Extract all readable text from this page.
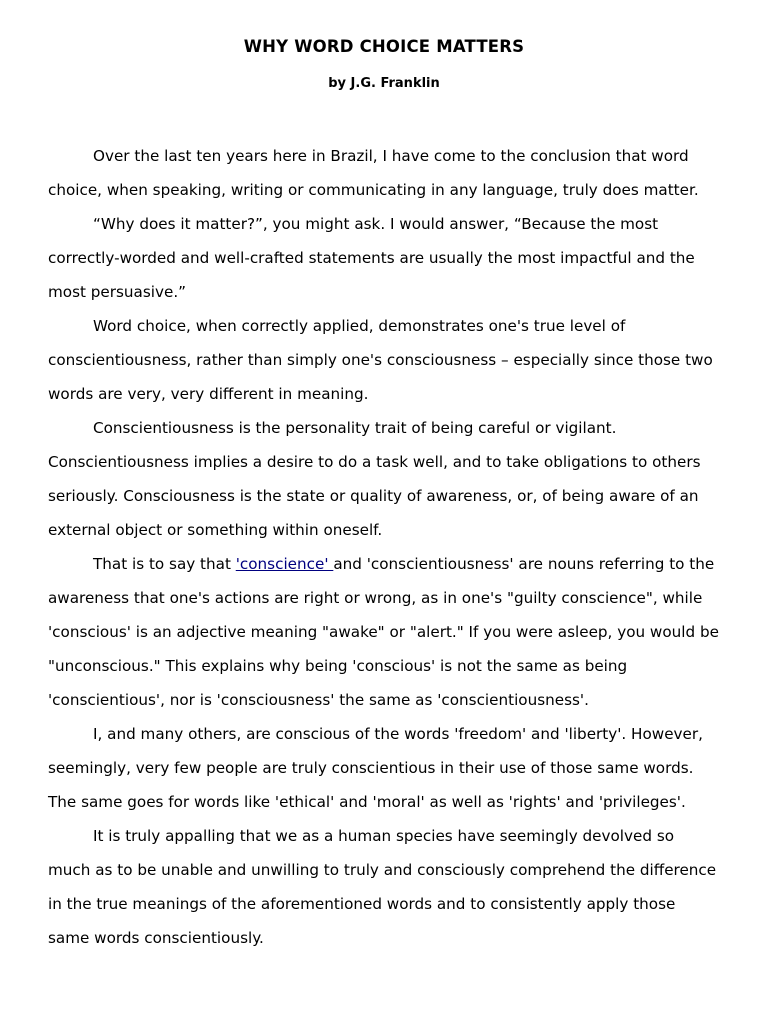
WHY WORD CHOICE MATTERS
by J.G. Franklin

Over the last ten years here in Brazil, I have come to the conclusion that word choice, when speaking, writing or communicating in any language, truly does matter.

“Why does it matter?”, you might ask. I would answer, “Because the most correctly-worded and well-crafted statements are usually the most impactful and the most persuasive.”

Word choice, when correctly applied, demonstrates one's true level of conscientiousness, rather than simply one's consciousness – especially since those two words are very, very different in meaning.

Conscientiousness is the personality trait of being careful or vigilant. Conscientiousness implies a desire to do a task well, and to take obligations to others seriously. Consciousness is the state or quality of awareness, or, of being aware of an external object or something within oneself.

That is to say that 'conscience' and 'conscientiousness' are nouns referring to the awareness that one's actions are right or wrong, as in one's "guilty conscience", while 'conscious' is an adjective meaning "awake" or "alert." If you were asleep, you would be "unconscious." This explains why being 'conscious' is not the same as being 'conscientious', nor is 'consciousness' the same as 'conscientiousness'.

I, and many others, are conscious of the words 'freedom' and 'liberty'. However, seemingly, very few people are truly conscientious in their use of those same words. The same goes for words like 'ethical' and 'moral' as well as 'rights' and 'privileges'.

It is truly appalling that we as a human species have seemingly devolved so much as to be unable and unwilling to truly and consciously comprehend the difference in the true meanings of the aforementioned words and to consistently apply those same words conscientiously.
